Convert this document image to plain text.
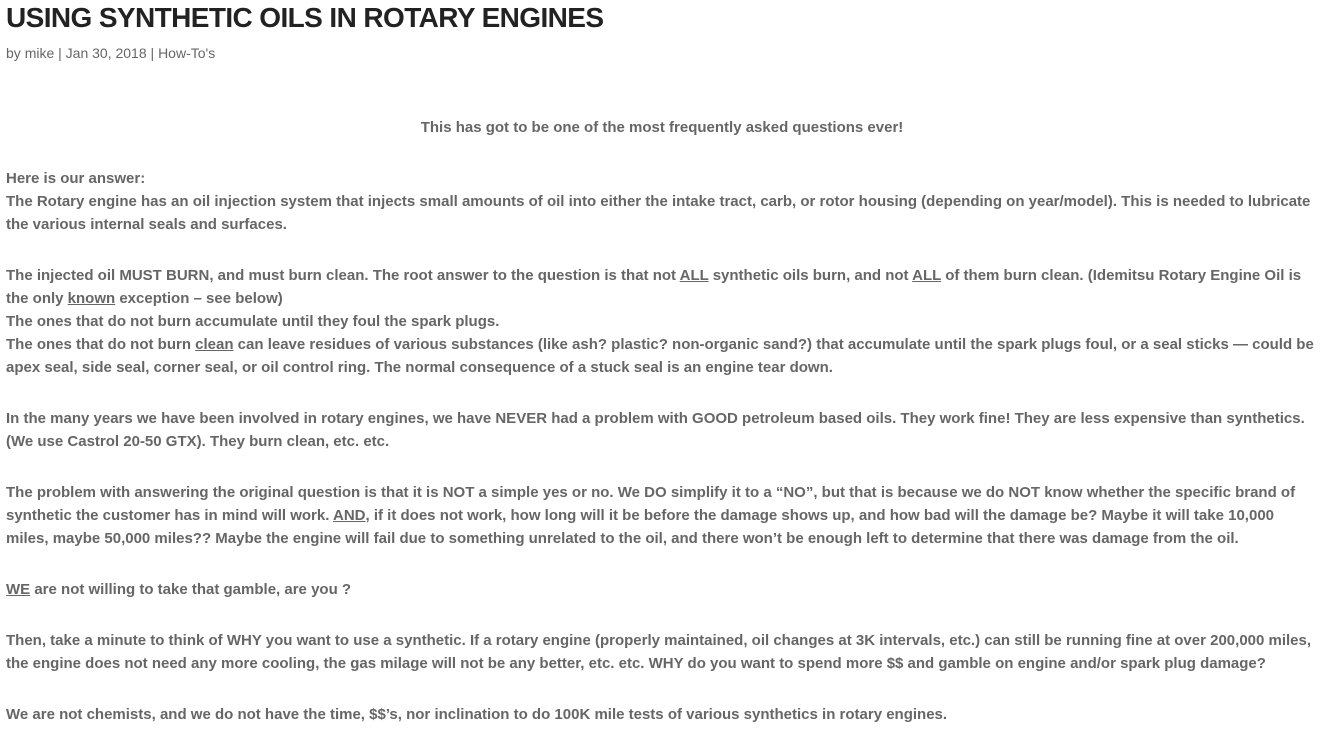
USING SYNTHETIC OILS IN ROTARY ENGINES
by mike | Jan 30, 2018 | How-To's

This has got to be one of the most frequently asked questions ever!

Here is our answer:
The Rotary engine has an oil injection system that injects small amounts of oil into either the intake tract, carb, or rotor housing (depending on year/model). This is needed to lubricate the various internal seals and surfaces.

The injected oil MUST BURN, and must burn clean. The root answer to the question is that not ALL synthetic oils burn, and not ALL of them burn clean. (Idemitsu Rotary Engine Oil is the only known exception – see below)
The ones that do not burn accumulate until they foul the spark plugs.
The ones that do not burn clean can leave residues of various substances (like ash? plastic? non-organic sand?) that accumulate until the spark plugs foul, or a seal sticks — could be apex seal, side seal, corner seal, or oil control ring. The normal consequence of a stuck seal is an engine tear down.

In the many years we have been involved in rotary engines, we have NEVER had a problem with GOOD petroleum based oils. They work fine! They are less expensive than synthetics.
(We use Castrol 20-50 GTX). They burn clean, etc. etc.

The problem with answering the original question is that it is NOT a simple yes or no. We DO simplify it to a “NO”, but that is because we do NOT know whether the specific brand of synthetic the customer has in mind will work. AND, if it does not work, how long will it be before the damage shows up, and how bad will the damage be? Maybe it will take 10,000 miles, maybe 50,000 miles?? Maybe the engine will fail due to something unrelated to the oil, and there won’t be enough left to determine that there was damage from the oil.

WE are not willing to take that gamble, are you ?

Then, take a minute to think of WHY you want to use a synthetic. If a rotary engine (properly maintained, oil changes at 3K intervals, etc.) can still be running fine at over 200,000 miles, the engine does not need any more cooling, the gas milage will not be any better, etc. etc. WHY do you want to spend more $$ and gamble on engine and/or spark plug damage?

We are not chemists, and we do not have the time, $$’s, nor inclination to do 100K mile tests of various synthetics in rotary engines.
